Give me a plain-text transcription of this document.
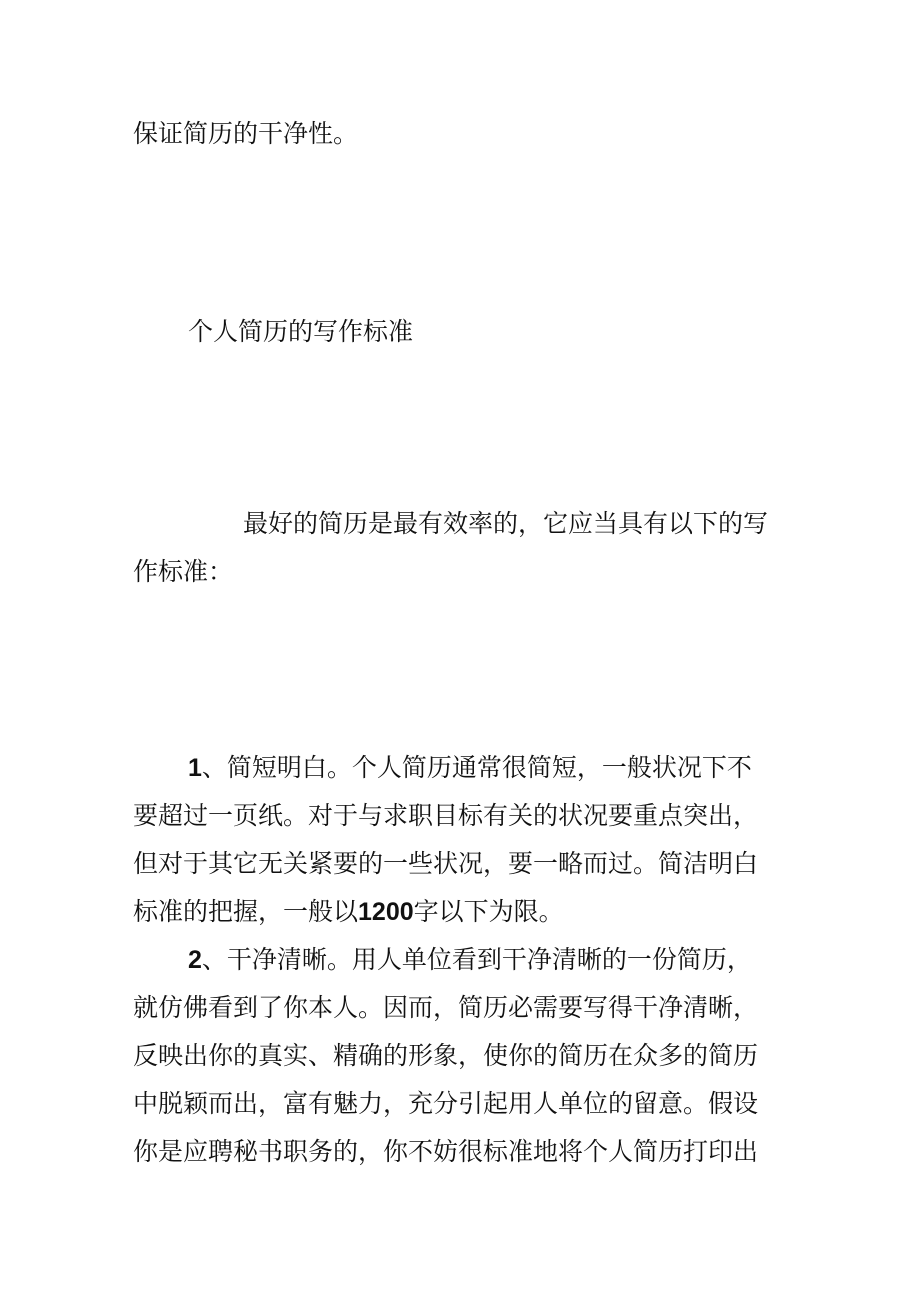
保证简历的干净性。

个人简历的写作标准

最好的简历是最有效率的，它应当具有以下的写

作标准：

1、简短明白。个人简历通常很简短，一般状况下不

要超过一页纸。对于与求职目标有关的状况要重点突出，

但对于其它无关紧要的一些状况，要一略而过。简洁明白

标准的把握，一般以1200字以下为限。

2、干净清晰。用人单位看到干净清晰的一份简历，

就仿佛看到了你本人。因而，简历必需要写得干净清晰，

反映出你的真实、精确的形象，使你的简历在众多的简历

中脱颖而出，富有魅力，充分引起用人单位的留意。假设

你是应聘秘书职务的，你不妨很标准地将个人简历打印出
